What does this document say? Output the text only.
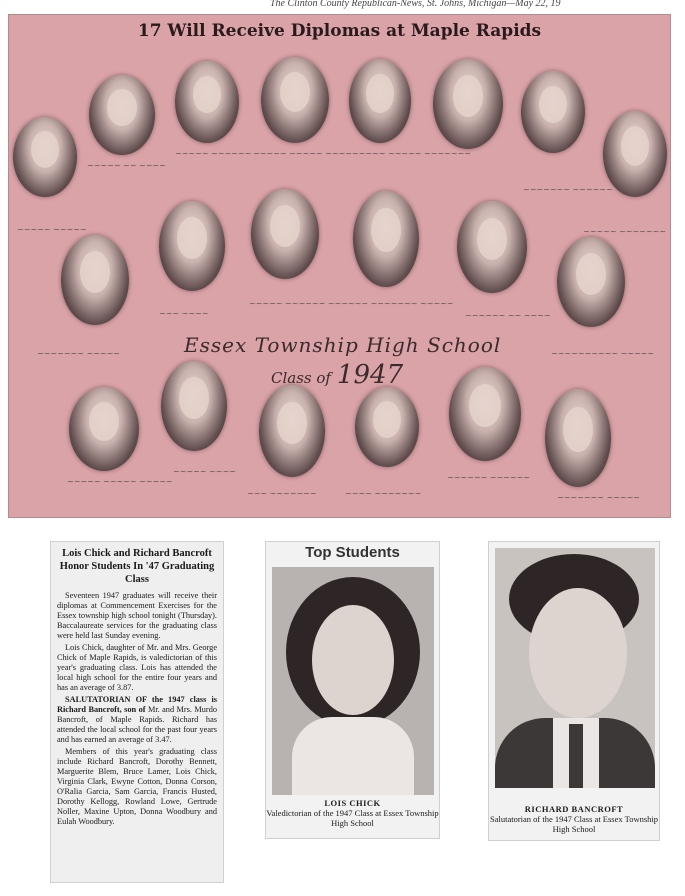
The Clinton County Republican-News, St. Johns, Michigan—May 22, 19
17 Will Receive Diplomas at Maple Rapids
~~~~~ ~~~~~
~~~~~ ~~ ~~~~
~~~~~ ~~~~~~ ~~~~~ ~~~~~ ~~~~~~~~~ ~~~~~ ~~~~~~~
~~~~~~~ ~~~~~~
~~~~~ ~~~~~~~
~~~~~~~ ~~~~~
~~~ ~~~~
~~~~~ ~~~~~~ ~~~~~~ ~~~~~~~ ~~~~~
~~~~~~ ~~ ~~~~
~~~~~~~~~~ ~~~~~
~~~~~ ~~~~~ ~~~~~
~~~~~ ~~~~
~~~ ~~~~~~~	~~~~ ~~~~~~~
~~~~~~ ~~~~~~
~~~~~~~ ~~~~~
Essex Township High School
Class of 1947
Lois Chick and Richard Bancroft Honor Students In '47 Graduating Class

Seventeen 1947 graduates will receive their diplomas at Commencement Exercises for the Essex township high school tonight (Thursday). Baccalaureate services for the graduating class were held last Sunday evening.

Lois Chick, daughter of Mr. and Mrs. George Chick of Maple Rapids, is valedictorian of this year's graduating class. Lois has attended the local high school for the entire four years and has an average of 3.87.

SALUTATORIAN OF the 1947 class is Richard Bancroft, son of Mr. and Mrs. Murdo Bancroft, of Maple Rapids. Richard has attended the local school for the past four years and has earned an average of 3.47.

Members of this year's graduating class include Richard Bancroft, Dorothy Bennett, Marguerite Blem, Bruce Lamer, Lois Chick, Virginia Clark, Ewyne Cotton, Donna Corson, O'Ralia Garcia, Sam Garcia, Francis Husted, Dorothy Kellogg, Rowland Lowe, Gertrude Noller, Maxine Upton, Donna Woodbury and Eulah Woodbury.

Top Students
LOIS CHICK
Valedictorian of the 1947 Class at Essex Township High School
RICHARD BANCROFT
Salutatorian of the 1947 Class at Essex Township High School
